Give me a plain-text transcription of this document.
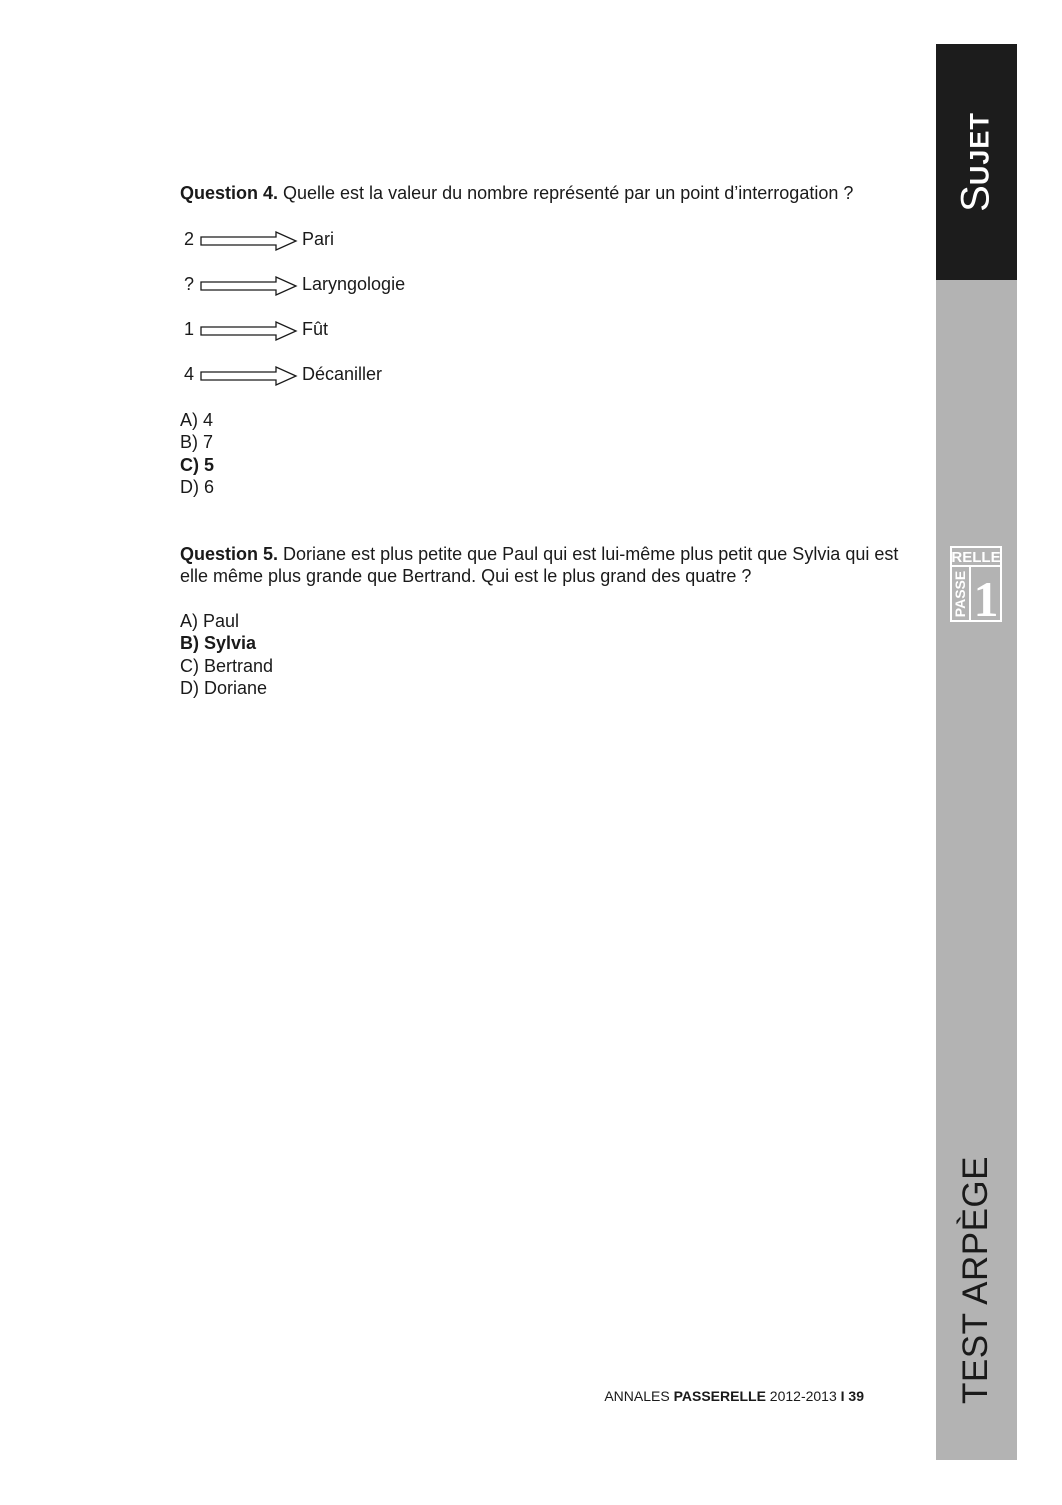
SUJET
RELLE
PASSE 1
TEST ARPÈGE

Question 4. Quelle est la valeur du nombre représenté par un point d’interrogation ?

2	Pari
?	Laryngologie
1	Fût
4	Décaniller
A) 4
B) 7
C) 5
D) 6

Question 5. Doriane est plus petite que Paul qui est lui-même plus petit que Sylvia qui est elle même plus grande que Bertrand. Qui est le plus grand des quatre ?

A) Paul
B) Sylvia
C) Bertrand
D) Doriane
ANNALES PASSERELLE 2012-2013 I 39
